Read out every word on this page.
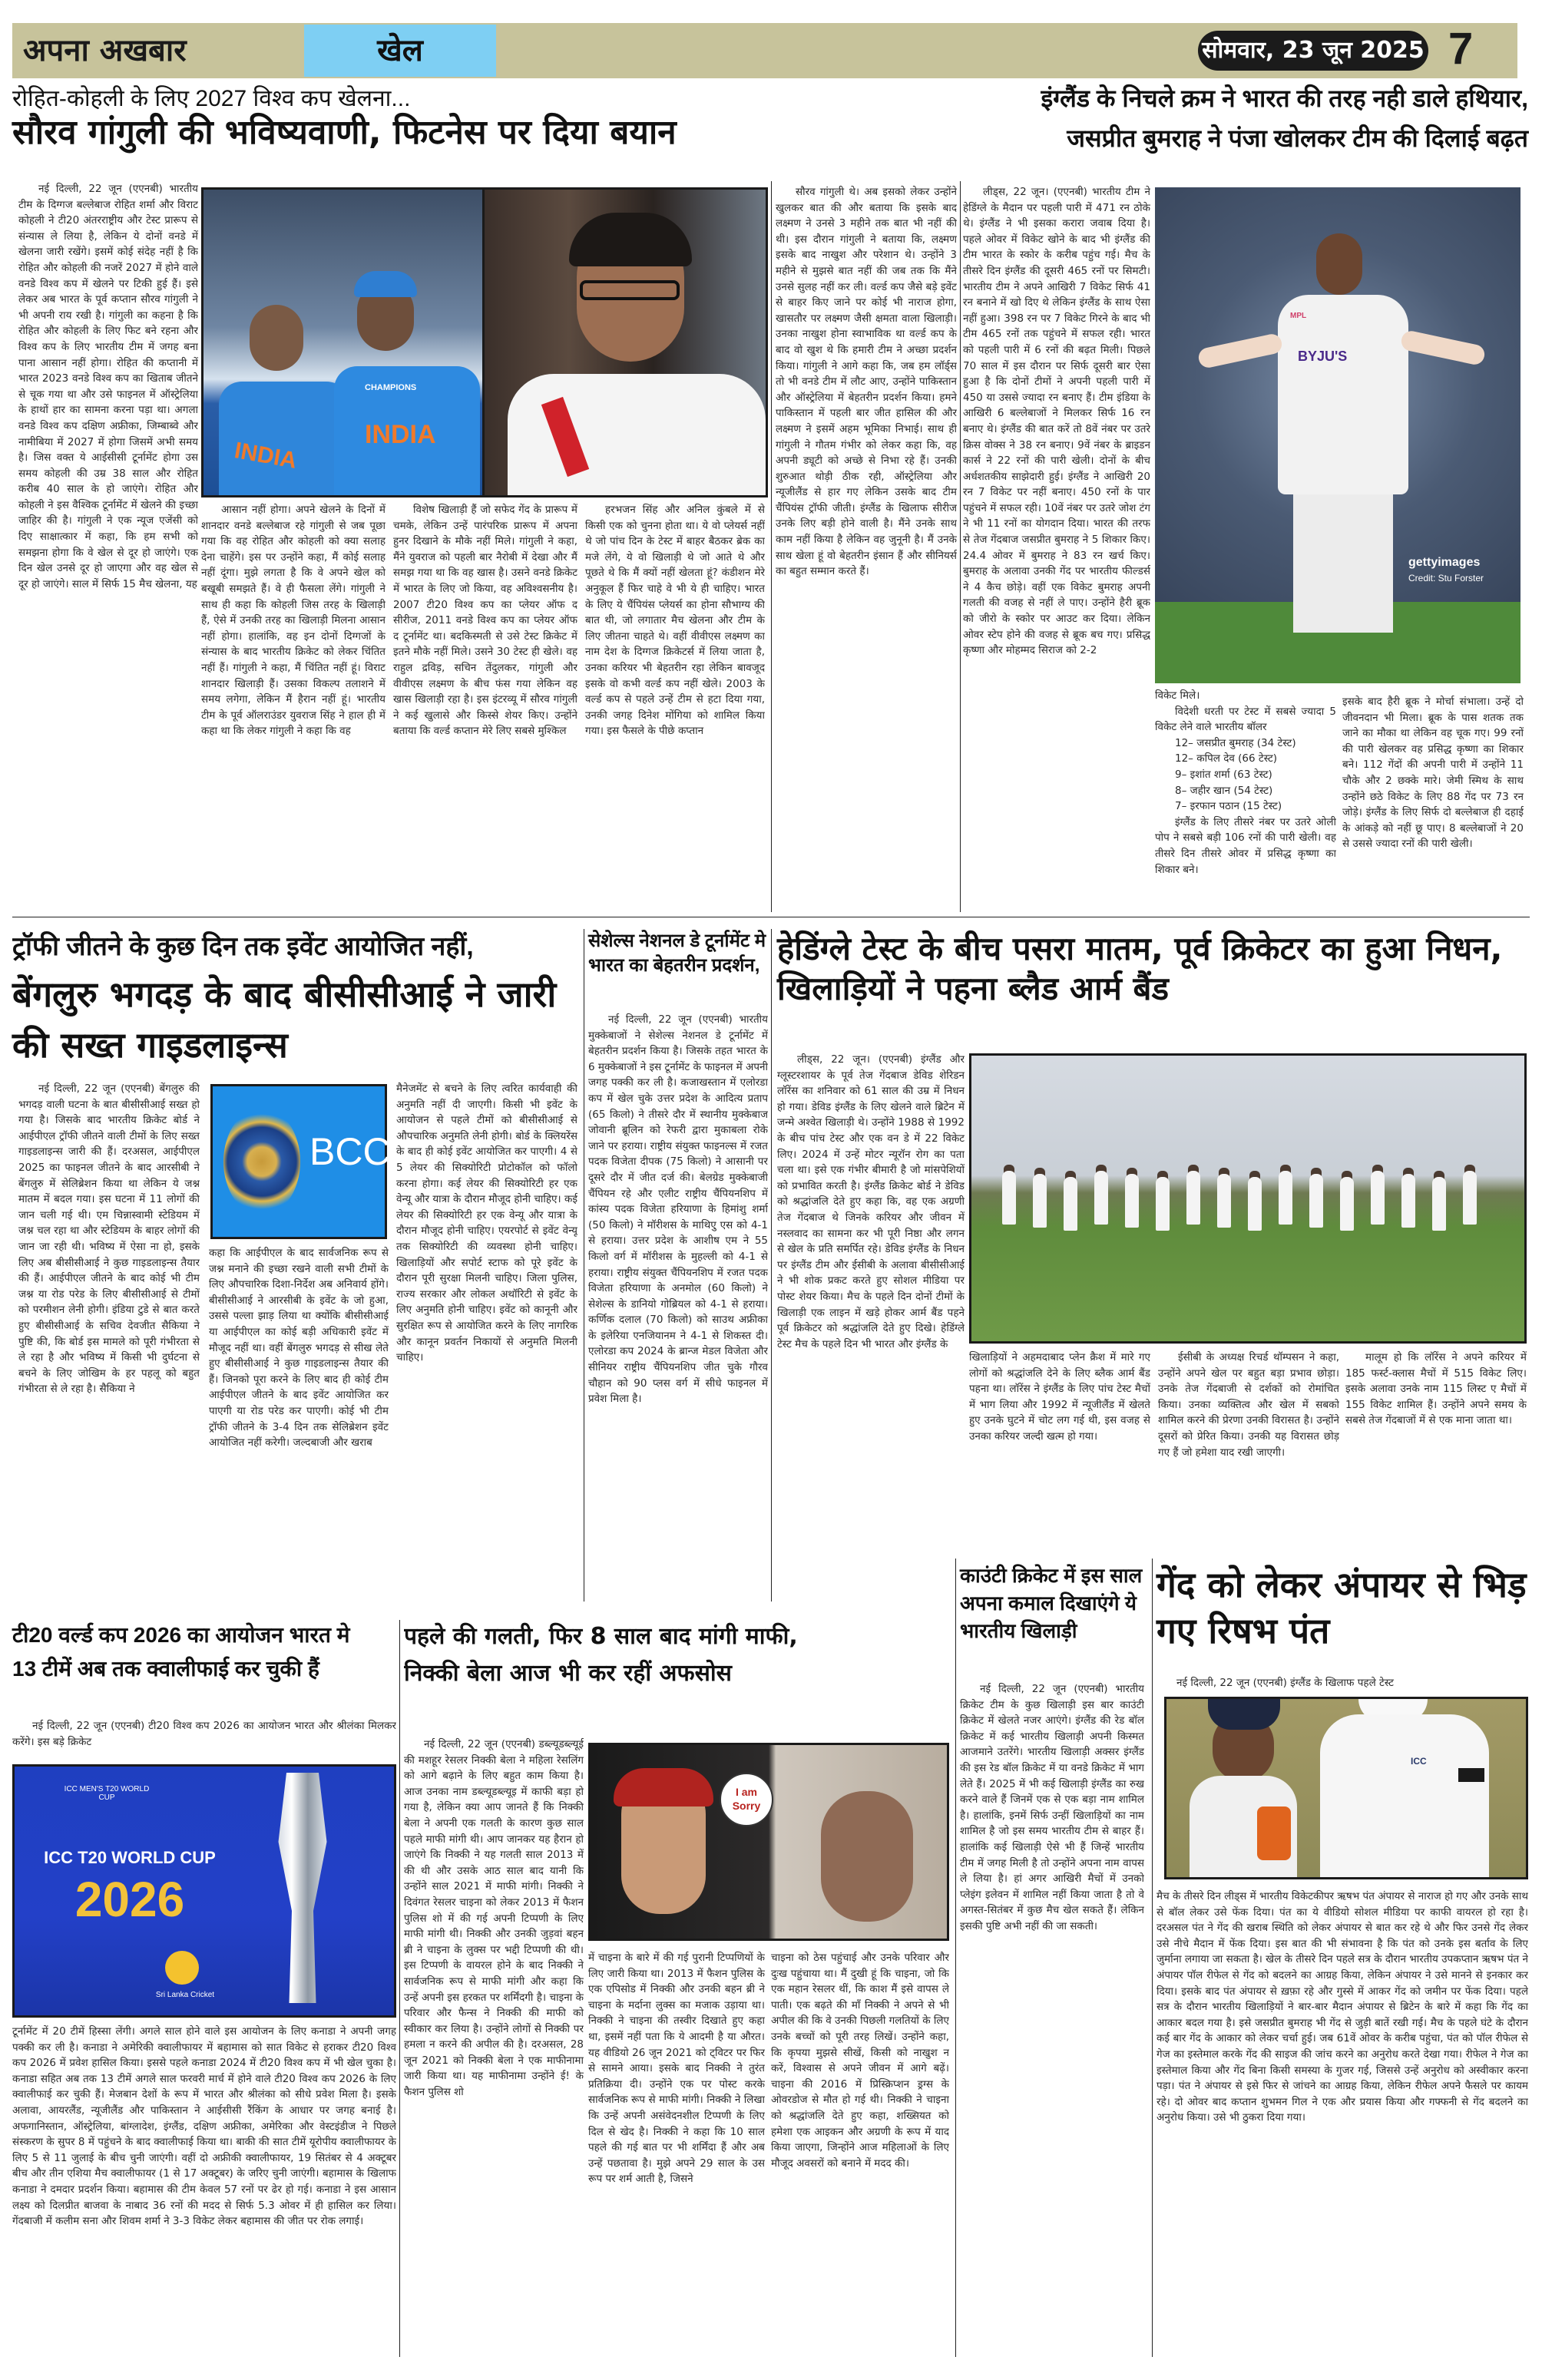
खेल
अपना अखबार	सोमवार, 23 जून 2025 7
रोहित-कोहली के लिए 2027 विश्व कप खेलना...
सौरव गांगुली की भविष्यवाणी, फिटनेस पर दिया बयान

नई दिल्ली, 22 जून (एएनबी) भारतीय टीम के दिग्गज बल्लेबाज रोहित शर्मा और विराट कोहली ने टी20 अंतरराष्ट्रीय और टेस्ट प्रारूप से संन्यास ले लिया है, लेकिन ये दोनों वनडे में खेलना जारी रखेंगे। इसमें कोई संदेह नहीं है कि रोहित और कोहली की नजरें 2027 में होने वाले वनडे विश्व कप में खेलने पर टिकी हुई हैं। इसे लेकर अब भारत के पूर्व कप्तान सौरव गांगुली ने भी अपनी राय रखी है। गांगुली का कहना है कि रोहित और कोहली के लिए फिट बने रहना और विश्व कप के लिए भारतीय टीम में जगह बना पाना आसान नहीं होगा। रोहित की कप्तानी में भारत 2023 वनडे विश्व कप का खिताब जीतने से चूक गया था और उसे फाइनल में ऑस्ट्रेलिया के हाथों हार का सामना करना पड़ा था। अगला वनडे विश्व कप दक्षिण अफ्रीका, जिम्बाब्वे और नामीबिया में 2027 में होगा जिसमें अभी समय है। जिस वक्त ये आईसीसी टूर्नामेंट होगा उस समय कोहली की उम्र 38 साल और रोहित करीब 40 साल के हो जाएंगे। रोहित और कोहली ने इस वैश्विक टूर्नामेंट में खेलने की इच्छा जाहिर की है। गांगुली ने एक न्यूज एजेंसी को दिए साक्षात्कार में कहा, कि हम सभी को समझना होगा कि वे खेल से दूर हो जाएंगे। एक दिन खेल उनसे दूर हो जाएगा और वह खेल से दूर हो जाएंगे। साल में सिर्फ 15 मैच खेलना, यह

INDIA
INDIA
CHAMPIONS

आसान नहीं होगा। अपने खेलने के दिनों में शानदार वनडे बल्लेबाज रहे गांगुली से जब पूछा गया कि वह रोहित और कोहली को क्या सलाह देना चाहेंगे। इस पर उन्होंने कहा, मैं कोई सलाह नहीं दूंगा। मुझे लगता है कि वे अपने खेल को बखूबी समझते हैं। वे ही फैसला लेंगे। गांगुली ने साथ ही कहा कि कोहली जिस तरह के खिलाड़ी हैं, ऐसे में उनकी तरह का खिलाड़ी मिलना आसान नहीं होगा। हालांकि, वह इन दोनों दिग्गजों के संन्यास के बाद भारतीय क्रिकेट को लेकर चिंतित नहीं हैं। गांगुली ने कहा, मैं चिंतित नहीं हूं। विराट शानदार खिलाड़ी हैं। उसका विकल्प तलाशने में समय लगेगा, लेकिन मैं हैरान नहीं हूं। भारतीय टीम के पूर्व ऑलराउंडर युवराज सिंह ने हाल ही में कहा था कि लेकर गांगुली ने कहा कि वह

विशेष खिलाड़ी हैं जो सफेद गेंद के प्रारूप में चमके, लेकिन उन्हें पारंपरिक प्रारूप में अपना हुनर दिखाने के मौके नहीं मिले। गांगुली ने कहा, मैंने युवराज को पहली बार नैरोबी में देखा और मैं समझ गया था कि वह खास है। उसने वनडे क्रिकेट में भारत के लिए जो किया, वह अविश्वसनीय है। 2007 टी20 विश्व कप का प्लेयर ऑफ द सीरीज, 2011 वनडे विश्व कप का प्लेयर ऑफ द टूर्नामेंट था। बदकिस्मती से उसे टेस्ट क्रिकेट में इतने मौके नहीं मिले। उसने 30 टेस्ट ही खेले। वह राहुल द्रविड़, सचिन तेंदुलकर, गांगुली और वीवीएस लक्ष्मण के बीच फंस गया लेकिन वह खास खिलाड़ी रहा है। इस इंटरव्यू में सौरव गांगुली ने कई खुलासे और किस्से शेयर किए। उन्होंने बताया कि वर्ल्ड कप्तान मेरे लिए सबसे मुश्किल

हरभजन सिंह और अनिल कुंबले में से किसी एक को चुनना होता था। ये वो प्लेयर्स नहीं थे जो पांच दिन के टेस्ट में बाहर बैठकर ब्रेक का मजे लेंगे, ये वो खिलाड़ी थे जो आते थे और पूछते थे कि मैं क्यों नहीं खेलता हूं? कंडीशन मेरे अनुकूल हैं फिर चाहे वे भी ये ही चाहिए। भारत के लिए ये चैंपियंस प्लेयर्स का होना सौभाग्य की बात थी, जो लगातार मैच खेलना और टीम के लिए जीतना चाहते थे। वहीं वीवीएस लक्ष्मण का नाम देश के दिग्गज क्रिकेटर्स में लिया जाता है, उनका करियर भी बेहतरीन रहा लेकिन बावजूद इसके वो कभी वर्ल्ड कप नहीं खेले। 2003 के वर्ल्ड कप से पहले उन्हें टीम से हटा दिया गया, उनकी जगह दिनेश मोंगिया को शामिल किया गया। इस फैसले के पीछे कप्तान

सौरव गांगुली थे। अब इसको लेकर उन्होंने खुलकर बात की और बताया कि इसके बाद लक्ष्मण ने उनसे 3 महीने तक बात भी नहीं की थी। इस दौरान गांगुली ने बताया कि, लक्ष्मण इसके बाद नाखुश और परेशान थे। उन्होंने 3 महीने से मुझसे बात नहीं की जब तक कि मैंने उनसे सुलह नहीं कर ली। वर्ल्ड कप जैसे बड़े इवेंट से बाहर किए जाने पर कोई भी नाराज होगा, खासतौर पर लक्ष्मण जैसी क्षमता वाला खिलाड़ी। उनका नाखुश होना स्वाभाविक था वर्ल्ड कप के बाद वो खुश थे कि हमारी टीम ने अच्छा प्रदर्शन किया। गांगुली ने आगे कहा कि, जब हम लॉर्ड्स तो भी वनडे टीम में लौट आए, उन्होंने पाकिस्तान और ऑस्ट्रेलिया में बेहतरीन प्रदर्शन किया। हमने पाकिस्तान में पहली बार जीत हासिल की और लक्ष्मण ने इसमें अहम भूमिका निभाई। साथ ही गांगुली ने गौतम गंभीर को लेकर कहा कि, वह अपनी ड्यूटी को अच्छे से निभा रहे हैं। उनकी शुरुआत थोड़ी ठीक रही, ऑस्ट्रेलिया और न्यूजीलैंड से हार गए लेकिन उसके बाद टीम चैंपियंस ट्रॉफी जीती। इंग्लैंड के खिलाफ सीरीज उनके लिए बड़ी होने वाली है। मैंने उनके साथ काम नहीं किया है लेकिन वह जुनूनी है। मैं उनके साथ खेला हूं वो बेहतरीन इंसान हैं और सीनियर्स का बहुत सम्मान करते हैं।

इंग्लैंड के निचले क्रम ने भारत की तरह नही डाले हथियार,
जसप्रीत बुमराह ने पंजा खोलकर टीम की दिलाई बढ़त

लीड्स, 22 जून। (एएनबी) भारतीय टीम ने हेडिंग्ले के मैदान पर पहली पारी में 471 रन ठोके थे। इंग्लैंड ने भी इसका करारा जवाब दिया है। पहले ओवर में विकेट खोने के बाद भी इंग्लैंड की टीम भारत के स्कोर के करीब पहुंच गई। मैच के तीसरे दिन इंग्लैंड की दूसरी 465 रनों पर सिमटी। भारतीय टीम ने अपने आखिरी 7 विकेट सिर्फ 41 रन बनाने में खो दिए थे लेकिन इंग्लैंड के साथ ऐसा नहीं हुआ। 398 रन पर 7 विकेट गिरने के बाद भी टीम 465 रनों तक पहुंचने में सफल रही। भारत को पहली पारी में 6 रनों की बढ़त मिली। पिछले 70 साल में इस दौरान पर सिर्फ दूसरी बार ऐसा हुआ है कि दोनों टीमों ने अपनी पहली पारी में 450 या उससे ज्यादा रन बनाए हैं। टीम इंडिया के आखिरी 6 बल्लेबाजों ने मिलकर सिर्फ 16 रन बनाए थे। इंग्लैंड की बात करें तो 8वें नंबर पर उतरे क्रिस वोक्स ने 38 रन बनाए। 9वें नंबर के ब्राइडन कार्स ने 22 रनों की पारी खेली। दोनों के बीच अर्धशतकीय साझेदारी हुई। इंग्लैंड ने आखिरी 20 रन 7 विकेट पर नहीं बनाए। 450 रनों के पार पहुंचने में सफल रही। 10वें नंबर पर उतरे जोश टंग ने भी 11 रनों का योगदान दिया। भारत की तरफ से तेज गेंदबाज जसप्रीत बुमराह ने 5 शिकार किए। 24.4 ओवर में बुमराह ने 83 रन खर्च किए। बुमराह के अलावा उनकी गेंद पर भारतीय फील्डर्स ने 4 कैच छोड़े। वहीं एक विकेट बुमराह अपनी गलती की वजह से नहीं ले पाए। उन्होंने हैरी ब्रूक को जीरो के स्कोर पर आउट कर दिया। लेकिन ओवर स्टेप होने की वजह से ब्रूक बच गए। प्रसिद्ध कृष्णा और मोहम्मद सिराज को 2-2

MPL
BYJU'S
gettyimages
Credit: Stu Forster
विकेट मिले।
विदेशी धरती पर टेस्ट में सबसे ज्यादा 5 विकेट लेने वाले भारतीय बॉलर
12– जसप्रीत बुमराह (34 टेस्ट)
12– कपिल देव (66 टेस्ट)
9– इशांत शर्मा (63 टेस्ट)
8– जहीर खान (54 टेस्ट)
7– इरफान पठान (15 टेस्ट)
इंग्लैंड के लिए तीसरे नंबर पर उतरे ओली पोप ने सबसे बड़ी 106 रनों की पारी खेली। वह तीसरे दिन तीसरे ओवर में प्रसिद्ध कृष्णा का शिकार बने।

इसके बाद हैरी ब्रूक ने मोर्चा संभाला। उन्हें दो जीवनदान भी मिला। ब्रूक के पास शतक तक जाने का मौका था लेकिन वह चूक गए। 99 रनों की पारी खेलकर वह प्रसिद्ध कृष्णा का शिकार बने। 112 गेंदों की अपनी पारी में उन्होंने 11 चौके और 2 छक्के मारे। जेमी स्मिथ के साथ उन्होंने छठे विकेट के लिए 88 गेंद पर 73 रन जोड़े। इंग्लैंड के लिए सिर्फ दो बल्लेबाज ही दहाई के आंकड़े को नहीं छू पाए। 8 बल्लेबाजों ने 20 से उससे ज्यादा रनों की पारी खेली।

ट्रॉफी जीतने के कुछ दिन तक इवेंट आयोजित नहीं,
बेंगलुरु भगदड़ के बाद बीसीसीआई ने जारी की सख्त गाइडलाइन्स

नई दिल्ली, 22 जून (एएनबी) बेंगलुरु की भगदड़ वाली घटना के बात बीसीसीआई सख्त हो गया है। जिसके बाद भारतीय क्रिकेट बोर्ड ने आईपीएल ट्रॉफी जीतने वाली टीमों के लिए सख्त गाइडलाइन्स जारी की हैं। दरअसल, आईपीएल 2025 का फाइनल जीतने के बाद आरसीबी ने बेंगलुरु में सेलिब्रेशन किया था लेकिन ये जश्न मातम में बदल गया। इस घटना में 11 लोगों की जान चली गई थी। एम चिन्नास्वामी स्टेडियम में जश्न चल रहा था और स्टेडियम के बाहर लोगों की जान जा रही थी। भविष्य में ऐसा ना हो, इसके लिए अब बीसीसीआई ने कुछ गाइडलाइन्स तैयार की हैं। आईपीएल जीतने के बाद कोई भी टीम जश्न या रोड परेड के लिए बीसीसीआई से टीमों को परमीशन लेनी होगी। इंडिया टुडे से बात करते हुए बीसीसीआई के सचिव देवजीत सैकिया ने पुष्टि की, कि बोर्ड इस मामले को पूरी गंभीरता से ले रहा है और भविष्य में किसी भी दुर्घटना से बचने के लिए जोखिम के हर पहलू को बहुत गंभीरता से ले रहा है। सैकिया ने

BCCI

कहा कि आईपीएल के बाद सार्वजनिक रूप से जश्न मनाने की इच्छा रखने वाली सभी टीमों के लिए औपचारिक दिशा-निर्देश अब अनिवार्य होंगे। बीसीसीआई ने आरसीबी के इवेंट के जो हुआ, उससे पल्ला झाड़ लिया था क्योंकि बीसीसीआई या आईपीएल का कोई बड़ी अधिकारी इवेंट में मौजूद नहीं था। वहीं बेंगलुरु भगदड़ से सीख लेते हुए बीसीसीआई ने कुछ गाइडलाइन्स तैयार की हैं। जिनको पूरा करने के लिए बाद ही कोई टीम आईपीएल जीतने के बाद इवेंट आयोजित कर पाएगी या रोड परेड कर पाएगी। कोई भी टीम ट्रॉफी जीतने के 3-4 दिन तक सेलिब्रेशन इवेंट आयोजित नहीं करेगी। जल्दबाजी और खराब

मैनेजमेंट से बचने के लिए त्वरित कार्यवाही की अनुमति नहीं दी जाएगी। किसी भी इवेंट के आयोजन से पहले टीमों को बीसीसीआई से औपचारिक अनुमति लेनी होगी। बोर्ड के क्लियरेंस के बाद ही कोई इवेंट आयोजित कर पाएगी। 4 से 5 लेयर की सिक्योरिटी प्रोटोकॉल को फॉलो करना होगा। कई लेयर की सिक्योरिटी हर एक वेन्यू और यात्रा के दौरान मौजूद होनी चाहिए। कई लेयर की सिक्योरिटी हर एक वेन्यू और यात्रा के दौरान मौजूद होनी चाहिए। एयरपोर्ट से इवेंट वेन्यू तक सिक्योरिटी की व्यवस्था होनी चाहिए। खिलाड़ियों और सपोर्ट स्टाफ को पूरे इवेंट के दौरान पूरी सुरक्षा मिलनी चाहिए। जिला पुलिस, राज्य सरकार और लोकल अथॉरिटी से इवेंट के लिए अनुमति होनी चाहिए। इवेंट को कानूनी और सुरक्षित रूप से आयोजित करने के लिए नागरिक और कानून प्रवर्तन निकायों से अनुमति मिलनी चाहिए।

सेशेल्स नेशनल डे टूर्नामेंट मे भारत का बेहतरीन प्रदर्शन,

नई दिल्ली, 22 जून (एएनबी) भारतीय मुक्केबाजों ने सेशेल्स नेशनल डे टूर्नामेंट में बेहतरीन प्रदर्शन किया है। जिसके तहत भारत के 6 मुक्केबाजों ने इस टूर्नामेंट के फाइनल में अपनी जगह पक्की कर ली है। कजाखस्तान में एलोरडा कप में खेल चुके उत्तर प्रदेश के आदित्य प्रताप (65 किलो) ने तीसरे दौर में स्थानीय मुक्केबाज जोवानी ब्रूलिन को रेफरी द्वारा मुकाबला रोके जाने पर हराया। राष्ट्रीय संयुक्त फाइनल्स में रजत पदक विजेता दीपक (75 किलो) ने आसानी पर दूसरे दौर में जीत दर्ज की। बेलग्रेड मुक्केबाजी चैंपियन रहे और एलीट राष्ट्रीय चैंपियनशिप में कांस्य पदक विजेता हरियाणा के हिमांशु शर्मा (50 किलो) ने मॉरीशस के माथिएु एस को 4-1 से हराया। उत्तर प्रदेश के आशीष एम ने 55 किलो वर्ग में मॉरीशस के मुहल्ली को 4-1 से हराया। राष्ट्रीय संयुक्त चैंपियनशिप में रजत पदक विजेता हरियाणा के अनमोल (60 किलो) ने सेशेल्स के डानियो गोब्रियल को 4-1 से हराया। कर्णिक दलाल (70 किलो) को साउथ अफ्रीका के इलेरिया एनजियानम ने 4-1 से शिकस्त दी। एलोरडा कप 2024 के ब्रान्ज मेडल विजेता और सीनियर राष्ट्रीय चैंपियनशिप जीत चुके गौरव चौहान को 90 प्लस वर्ग में सीधे फाइनल में प्रवेश मिला है।

हेडिंग्ले टेस्ट के बीच पसरा मातम, पूर्व क्रिकेटर का हुआ निधन, खिलाड़ियों ने पहना ब्लैड आर्म बैंड

लीड्स, 22 जून। (एएनबी) इंग्लैंड और ग्लूस्टरशायर के पूर्व तेज गेंदबाज डेविड शेरिडन लॉरेंस का शनिवार को 61 साल की उम्र में निधन हो गया। डेविड इंग्लैंड के लिए खेलने वाले ब्रिटेन में जन्मे अश्वेत खिलाड़ी थे। उन्होंने 1988 से 1992 के बीच पांच टेस्ट और एक वन डे में 22 विकेट लिए। 2024 में उन्हें मोटर न्यूरॉन रोग का पता चला था। इसे एक गंभीर बीमारी है जो मांसपेशियों को प्रभावित करती है। इंग्लैंड क्रिकेट बोर्ड ने डेविड को श्रद्धांजलि देते हुए कहा कि, वह एक अग्रणी तेज गेंदबाज थे जिनके करियर और जीवन में नस्लवाद का सामना कर भी पूरी निष्ठा और लगन से खेल के प्रति समर्पित रहे। डेविड इंग्लैंड के निधन पर इंग्लैंड टीम और ईसीबी के अलावा बीसीसीआई ने भी शोक प्रकट करते हुए सोशल मीडिया पर पोस्ट शेयर किया। मैच के पहले दिन दोनों टीमों के खिलाड़ी एक लाइन में खड़े होकर आर्म बैंड पहने पूर्व क्रिकेटर को श्रद्धांजलि देते हुए दिखे। हेडिंग्ले टेस्ट मैच के पहले दिन भी भारत और इंग्लैंड के

खिलाड़ियों ने अहमदाबाद प्लेन क्रैश में मारे गए लोगों को श्रद्धांजलि देने के लिए ब्लैक आर्म बैंड पहना था। लॉरेंस ने इंग्लैंड के लिए पांच टेस्ट मैचों में भाग लिया और 1992 में न्यूजीलैंड में खेलते हुए उनके घुटने में चोट लग गई थी, इस वजह से उनका करियर जल्दी खत्म हो गया।

ईसीबी के अध्यक्ष रिचर्ड थॉम्पसन ने कहा, उन्होंने अपने खेल पर बहुत बड़ा प्रभाव छोड़ा। उनके तेज गेंदबाजी से दर्शकों को रोमांचित किया। उनका व्यक्तित्व और खेल में सबको शामिल करने की प्रेरणा उनकी विरासत है। उन्होंने दूसरों को प्रेरित किया। उनकी यह विरासत छोड़ गए हैं जो हमेशा याद रखी जाएगी।

मालूम हो कि लॉरेंस ने अपने करियर में 185 फर्स्ट-क्लास मैचों में 515 विकेट लिए। इसके अलावा उनके नाम 115 लिस्ट ए मैचों में 155 विकेट शामिल हैं। उन्होंने अपने समय के सबसे तेज गेंदबाजों में से एक माना जाता था।

टी20 वर्ल्ड कप 2026 का आयोजन भारत मे
13 टीमें अब तक क्वालीफाई कर चुकी हैं

नई दिल्ली, 22 जून (एएनबी) टी20 विश्व कप 2026 का आयोजन भारत और श्रीलंका मिलकर करेंगे। इस बड़े क्रिकेट

ICC MEN'S T20 WORLD CUP
ICC T20 WORLD CUP
2026
Sri Lanka Cricket

टूर्नामेंट में 20 टीमें हिस्सा लेंगी। अगले साल होने वाले इस आयोजन के लिए कनाडा ने अपनी जगह पक्की कर ली है। कनाडा ने अमेरिकी क्वालीफायर में बहामास को सात विकेट से हराकर टी20 विश्व कप 2026 में प्रवेश हासिल किया। इससे पहले कनाडा 2024 में टी20 विश्व कप में भी खेल चुका है। कनाडा सहित अब तक 13 टीमें अगले साल फरवरी मार्च में होने वाले टी20 विश्व कप 2026 के लिए क्वालीफाई कर चुकी हैं। मेजबान देशों के रूप में भारत और श्रीलंका को सीधे प्रवेश मिला है। इसके अलावा, आयरलैंड, न्यूजीलैंड और पाकिस्तान ने आईसीसी रैंकिंग के आधार पर जगह बनाई है। अफगानिस्तान, ऑस्ट्रेलिया, बांग्लादेश, इंग्लैंड, दक्षिण अफ्रीका, अमेरिका और वेस्टइंडीज ने पिछले संस्करण के सुपर 8 में पहुंचने के बाद क्वालीफाई किया था। बाकी की सात टीमें यूरोपीय क्वालीफायर के लिए 5 से 11 जुलाई के बीच चुनी जाएंगी। वहीं दो अफ्रीकी क्वालीफायर, 19 सितंबर से 4 अक्टूबर बीच और तीन एशिया मैच क्वालीफायर (1 से 17 अक्टूबर) के जरिए चुनी जाएंगी। बहामास के खिलाफ कनाडा ने दमदार प्रदर्शन किया। बहामास की टीम केवल 57 रनों पर ढेर हो गई। कनाडा ने इस आसान लक्ष्य को दिलप्रीत बाजवा के नाबाद 36 रनों की मदद से सिर्फ 5.3 ओवर में ही हासिल कर लिया। गेंदबाजी में कलीम सना और शिवम शर्मा ने 3-3 विकेट लेकर बहामास की जीत पर रोक लगाई।

पहले की गलती, फिर 8 साल बाद मांगी माफी,
निक्की बेला आज भी कर रहीं अफसोस

नई दिल्ली, 22 जून (एएनबी) डब्ल्यूडब्ल्यूई की मशहूर रेसलर निक्की बेला ने महिला रेसलिंग को आगे बढ़ाने के लिए बहुत काम किया है। आज उनका नाम डब्ल्यूडब्ल्यूइ में काफी बड़ा हो गया है, लेकिन क्या आप जानते हैं कि निक्की बेला ने अपनी एक गलती के कारण कुछ साल पहले माफी मांगी थी। आप जानकर यह हैरान हो जाएंगे कि निक्की ने यह गलती साल 2013 में की थी और उसके आठ साल बाद यानी कि उन्होंने साल 2021 में माफी मांगी। निक्की ने दिवंगत रेसलर चाइना को लेकर 2013 में फैशन पुलिस शो में की गई अपनी टिप्पणी के लिए माफी मांगी थी। निक्की और उनकी जुड़वां बहन ब्री ने चाइना के लुक्स पर भद्दी टिप्पणी की थी। इस टिप्पणी के वायरल होने के बाद निक्की ने सार्वजनिक रूप से माफी मांगी और कहा कि उन्हें अपनी इस हरकत पर शर्मिंदगी है। चाइना के परिवार और फैन्स ने निक्की की माफी को स्वीकार कर लिया है। उन्होंने लोगों से निक्की पर हमला न करने की अपील की है। दरअसल, 28 जून 2021 को निक्की बेला ने एक माफीनामा जारी किया था। यह माफीनामा उन्होंने ई! के फैशन पुलिस शो

I am Sorry

में चाइना के बारे में की गई पुरानी टिप्पणियों के लिए जारी किया था। 2013 में फैशन पुलिस के एक एपिसोड में निक्की और उनकी बहन ब्री ने चाइना के मर्दाना लुक्स का मजाक उड़ाया था। निक्की ने चाइना की तस्वीर दिखाते हुए कहा था, इसमें नहीं पता कि ये आदमी है या औरत। यह वीडियो 26 जून 2021 को ट्विटर पर फिर से सामने आया। इसके बाद निक्की ने तुरंत प्रतिक्रिया दी। उन्होंने एक पर पोस्ट करके सार्वजनिक रूप से माफी मांगी। निक्की ने लिखा कि उन्हें अपनी असंवेदनशील टिप्पणी के लिए दिल से खेद है। निक्की ने कहा कि 10 साल पहले की गई बात पर भी शर्मिंदा हैं और अब उन्हें पछतावा है। मुझे अपने 29 साल के उस रूप पर शर्म आती है, जिसने

चाइना को ठेस पहुंचाई और उनके परिवार और दुःख पहुंचाया था। मैं दुखी हूं कि चाइना, जो कि एक महान रेसलर थीं, कि काश मैं इसे वापस ले पाती। एक बढ़ते की माँ निक्की ने अपने से भी अपील की कि वे उनकी पिछली गलतियों के लिए उनके बच्चों को पूरी तरह लिखें। उन्होंने कहा, कि कृपया मुझसे सीखें, किसी को नाखुश न करें, विश्वास से अपने जीवन में आगे बढ़ें। चाइना की 2016 में प्रिस्क्रिप्शन ड्रग्स के ओवरडोज से मौत हो गई थी। निक्की ने चाइना को श्रद्धांजलि देते हुए कहा, शख्सियत को हमेशा एक आइकन और अग्रणी के रूप में याद किया जाएगा, जिन्होंने आज महिलाओं के लिए मौजूद अवसरों को बनाने में मदद की।

काउंटी क्रिकेट में इस साल अपना कमाल दिखाएंगे ये भारतीय खिलाड़ी

नई दिल्ली, 22 जून (एएनबी) भारतीय क्रिकेट टीम के कुछ खिलाड़ी इस बार काउंटी क्रिकेट में खेलते नजर आएंगे। इंग्लैंड की रेड बॉल क्रिकेट में कई भारतीय खिलाड़ी अपनी किस्मत आजमाने उतरेंगे। भारतीय खिलाड़ी अक्सर इंग्लैंड की इस रेड बॉल क्रिकेट में या वनडे क्रिकेट में भाग लेते हैं। 2025 में भी कई खिलाड़ी इंग्लैंड का रुख करने वाले हैं जिनमें एक से एक बड़ा नाम शामिल है। हालांकि, इनमें सिर्फ उन्हीं खिलाड़ियों का नाम शामिल है जो इस समय भारतीय टीम से बाहर हैं। हालांकि कई खिलाड़ी ऐसे भी हैं जिन्हें भारतीय टीम में जगह मिली है तो उन्होंने अपना नाम वापस ले लिया है। हां अगर आखिरी मैचों में उनको प्लेइंग इलेवन में शामिल नहीं किया जाता है तो वे अगस्त-सितंबर में कुछ मैच खेल सकते हैं। लेकिन इसकी पुष्टि अभी नहीं की जा सकती।

गेंद को लेकर अंपायर से भिड़ गए रिषभ पंत

नई दिल्ली, 22 जून (एएनबी) इंग्लैंड के खिलाफ पहले टेस्ट

ICC

मैच के तीसरे दिन लीड्स में भारतीय विकेटकीपर ऋषभ पंत अंपायर से नाराज हो गए और उनके साथ से बॉल लेकर उसे फेंक दिया। पंत का ये वीडियो सोशल मीडिया पर काफी वायरल हो रहा है। दरअसल पंत ने गेंद की खराब स्थिति को लेकर अंपायर से बात कर रहे थे और फिर उनसे गेंद लेकर उसे नीचे मैदान में फेंक दिया। इस बात की भी संभावना है कि पंत को उनके इस बर्ताव के लिए जुर्माना लगाया जा सकता है। खेल के तीसरे दिन पहले सत्र के दौरान भारतीय उपकप्तान ऋषभ पंत ने अंपायर पॉल रीफेल से गेंद को बदलने का आग्रह किया, लेकिन अंपायर ने उसे मानने से इनकार कर दिया। इसके बाद पंत अंपायर से ख़फ़ा रहे और गुस्से में आकर गेंद को जमीन पर फेंक दिया। पहले सत्र के दौरान भारतीय खिलाड़ियों ने बार-बार मैदान अंपायर से ब्रिटेन के बारे में कहा कि गेंद का आकार बदल गया है। इसे जसप्रीत बुमराह भी गेंद से जुड़ी बातें रखी गई। मैच के पहले घंटे के दौरान कई बार गेंद के आकार को लेकर चर्चा हुई। जब 61वें ओवर के करीब पहुंचा, पंत को पॉल रीफेल से गेज का इस्तेमाल करके गेंद की साइज की जांच करने का अनुरोध करते देखा गया। रीफेल ने गेज का इस्तेमाल किया और गेंद बिना किसी समस्या के गुजर गई, जिससे उन्हें अनुरोध को अस्वीकार करना पड़ा। पंत ने अंपायर से इसे फिर से जांचने का आग्रह किया, लेकिन रीफेल अपने फैसले पर कायम रहे। दो ओवर बाद कप्तान शुभमन गिल ने एक और प्रयास किया और गफ्फनी से गेंद बदलने का अनुरोध किया। उसे भी ठुकरा दिया गया।
